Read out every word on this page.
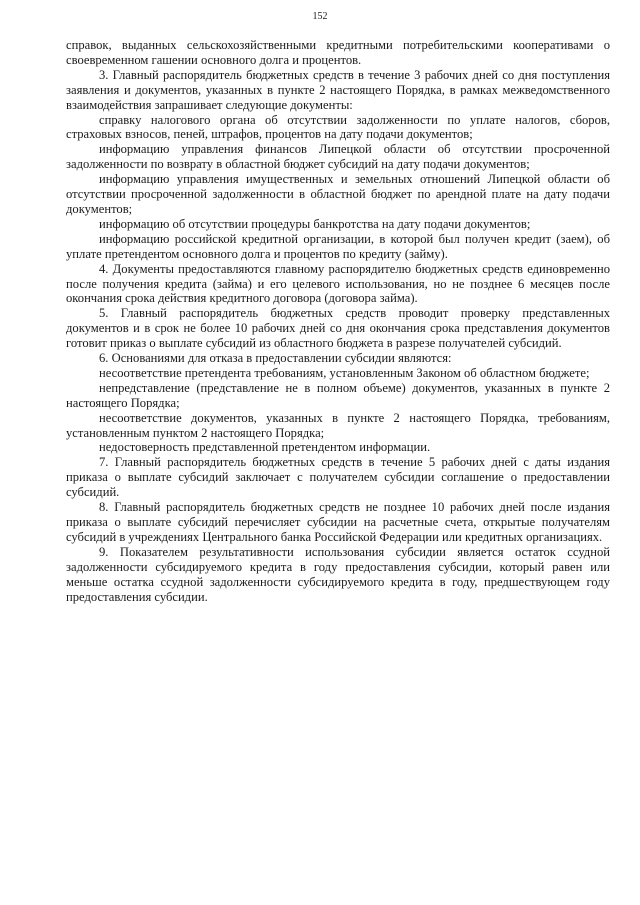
152

справок, выданных сельскохозяйственными кредитными потребительскими кооперативами о своевременном гашении основного долга и процентов.

3. Главный распорядитель бюджетных средств в течение 3 рабочих дней со дня поступления заявления и документов, указанных в пункте 2 настоящего Порядка, в рамках межведомственного взаимодействия запрашивает следующие документы:

справку налогового органа об отсутствии задолженности по уплате налогов, сборов, страховых взносов, пеней, штрафов, процентов на дату подачи документов;

информацию управления финансов Липецкой области об отсутствии просроченной задолженности по возврату в областной бюджет субсидий на дату подачи документов;

информацию управления имущественных и земельных отношений Липецкой области об отсутствии просроченной задолженности в областной бюджет по арендной плате на дату подачи документов;

информацию об отсутствии процедуры банкротства на дату подачи документов;

информацию российской кредитной организации, в которой был получен кредит (заем), об уплате претендентом основного долга и процентов по кредиту (займу).

4. Документы предоставляются главному распорядителю бюджетных средств единовременно после получения кредита (займа) и его целевого использования, но не позднее 6 месяцев после окончания срока действия кредитного договора (договора займа).

5. Главный распорядитель бюджетных средств проводит проверку представленных документов и в срок не более 10 рабочих дней со дня окончания срока представления документов готовит приказ о выплате субсидий из областного бюджета в разрезе получателей субсидий.

6. Основаниями для отказа в предоставлении субсидии являются:

несоответствие претендента требованиям, установленным Законом об областном бюджете;

непредставление (представление не в полном объеме) документов, указанных в пункте 2 настоящего Порядка;

несоответствие документов, указанных в пункте 2 настоящего Порядка, требованиям, установленным пунктом 2 настоящего Порядка;

недостоверность представленной претендентом информации.

7. Главный распорядитель бюджетных средств в течение 5 рабочих дней с даты издания приказа о выплате субсидий заключает с получателем субсидии соглашение о предоставлении субсидий.

8. Главный распорядитель бюджетных средств не позднее 10 рабочих дней после издания приказа о выплате субсидий перечисляет субсидии на расчетные счета, открытые получателям субсидий в учреждениях Центрального банка Российской Федерации или кредитных организациях.

9. Показателем результативности использования субсидии является остаток ссудной задолженности субсидируемого кредита в году предоставления субсидии, который равен или меньше остатка ссудной задолженности субсидируемого кредита в году, предшествующем году предоставления субсидии.
